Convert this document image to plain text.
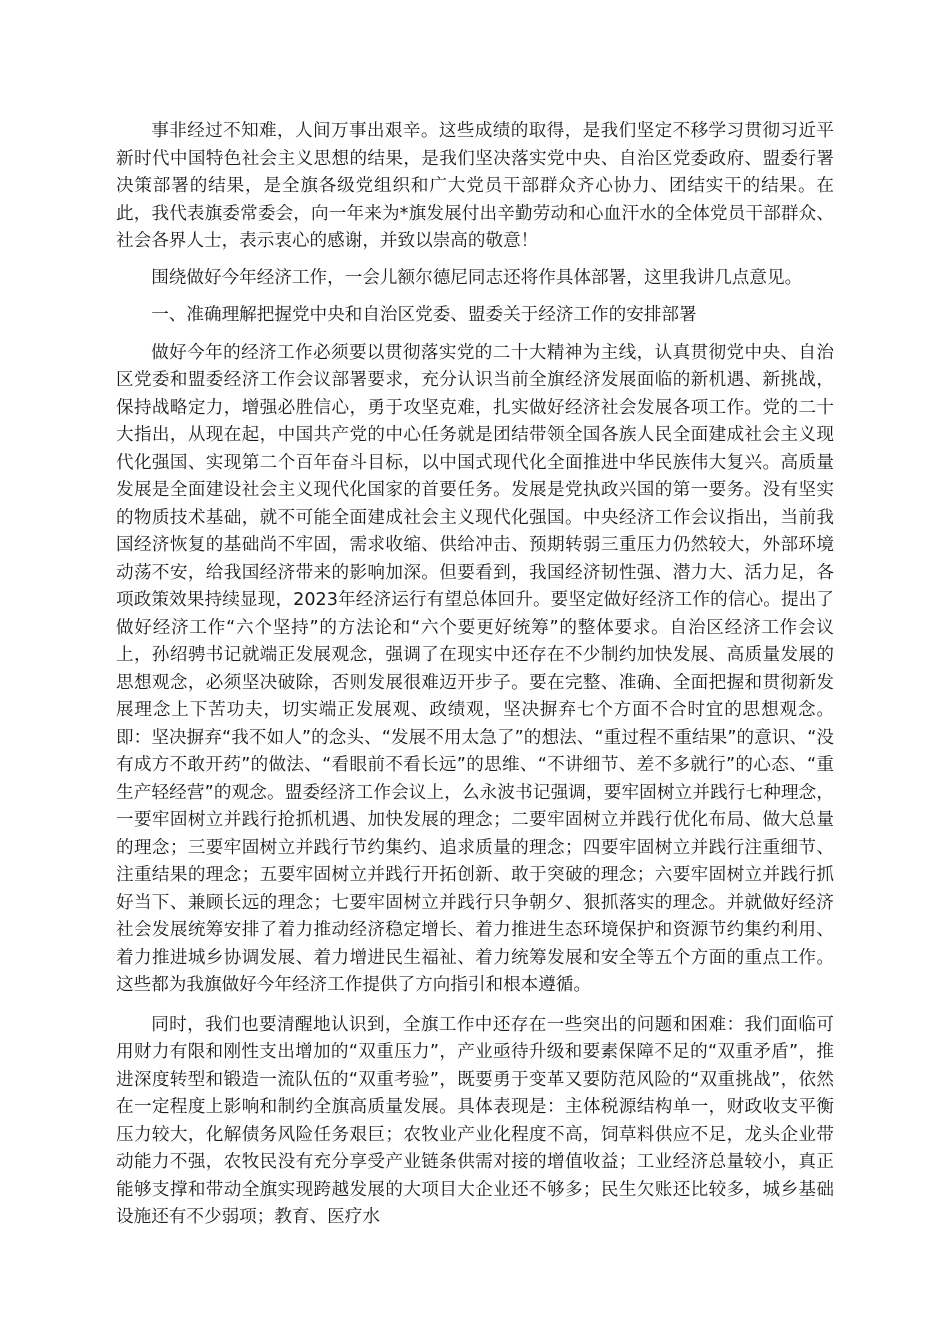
事非经过不知难，人间万事出艰辛。这些成绩的取得，是我们坚定不移学习贯彻习近平新时代中国特色社会主义思想的结果，是我们坚决落实党中央、自治区党委政府、盟委行署决策部署的结果，是全旗各级党组织和广大党员干部群众齐心协力、团结实干的结果。在此，我代表旗委常委会，向一年来为*旗发展付出辛勤劳动和心血汗水的全体党员干部群众、社会各界人士，表示衷心的感谢，并致以崇高的敬意！

围绕做好今年经济工作，一会儿额尔德尼同志还将作具体部署，这里我讲几点意见。

一、准确理解把握党中央和自治区党委、盟委关于经济工作的安排部署

做好今年的经济工作必须要以贯彻落实党的二十大精神为主线，认真贯彻党中央、自治区党委和盟委经济工作会议部署要求，充分认识当前全旗经济发展面临的新机遇、新挑战，保持战略定力，增强必胜信心，勇于攻坚克难，扎实做好经济社会发展各项工作。党的二十大指出，从现在起，中国共产党的中心任务就是团结带领全国各族人民全面建成社会主义现代化强国、实现第二个百年奋斗目标，以中国式现代化全面推进中华民族伟大复兴。高质量发展是全面建设社会主义现代化国家的首要任务。发展是党执政兴国的第一要务。没有坚实的物质技术基础，就不可能全面建成社会主义现代化强国。中央经济工作会议指出，当前我国经济恢复的基础尚不牢固，需求收缩、供给冲击、预期转弱三重压力仍然较大，外部环境动荡不安，给我国经济带来的影响加深。但要看到，我国经济韧性强、潜力大、活力足，各项政策效果持续显现，2023年经济运行有望总体回升。要坚定做好经济工作的信心。提出了做好经济工作“六个坚持”的方法论和“六个要更好统筹”的整体要求。自治区经济工作会议上，孙绍骋书记就端正发展观念，强调了在现实中还存在不少制约加快发展、高质量发展的思想观念，必须坚决破除，否则发展很难迈开步子。要在完整、准确、全面把握和贯彻新发展理念上下苦功夫，切实端正发展观、政绩观，坚决摒弃七个方面不合时宜的思想观念。即：坚决摒弃“我不如人”的念头、“发展不用太急了”的想法、“重过程不重结果”的意识、“没有成方不敢开药”的做法、“看眼前不看长远”的思维、“不讲细节、差不多就行”的心态、“重生产轻经营”的观念。盟委经济工作会议上，么永波书记强调，要牢固树立并践行七种理念，一要牢固树立并践行抢抓机遇、加快发展的理念；二要牢固树立并践行优化布局、做大总量的理念；三要牢固树立并践行节约集约、追求质量的理念；四要牢固树立并践行注重细节、注重结果的理念；五要牢固树立并践行开拓创新、敢于突破的理念；六要牢固树立并践行抓好当下、兼顾长远的理念；七要牢固树立并践行只争朝夕、狠抓落实的理念。并就做好经济社会发展统筹安排了着力推动经济稳定增长、着力推进生态环境保护和资源节约集约利用、着力推进城乡协调发展、着力增进民生福祉、着力统筹发展和安全等五个方面的重点工作。这些都为我旗做好今年经济工作提供了方向指引和根本遵循。

同时，我们也要清醒地认识到，全旗工作中还存在一些突出的问题和困难：我们面临可用财力有限和刚性支出增加的“双重压力”，产业亟待升级和要素保障不足的“双重矛盾”，推进深度转型和锻造一流队伍的“双重考验”，既要勇于变革又要防范风险的“双重挑战”，依然在一定程度上影响和制约全旗高质量发展。具体表现是：主体税源结构单一，财政收支平衡压力较大，化解债务风险任务艰巨；农牧业产业化程度不高，饲草料供应不足，龙头企业带动能力不强，农牧民没有充分享受产业链条供需对接的增值收益；工业经济总量较小，真正能够支撑和带动全旗实现跨越发展的大项目大企业还不够多；民生欠账还比较多，城乡基础设施还有不少弱项；教育、医疗水
